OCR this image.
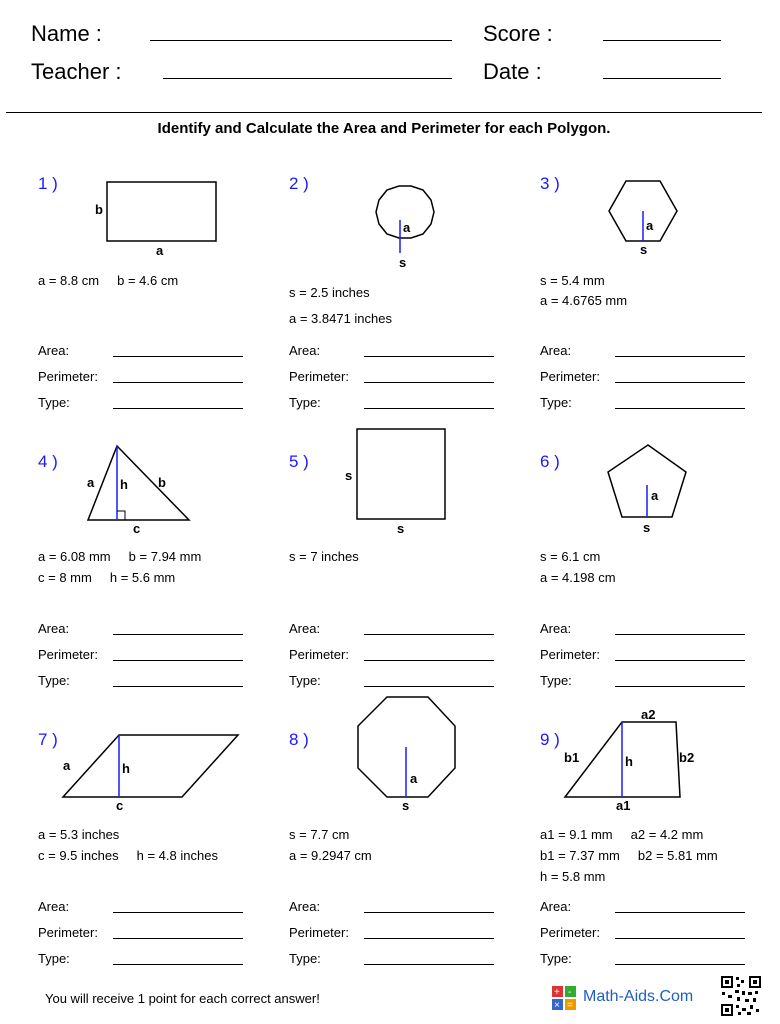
Name :	Score :
Teacher :	Date :
Identify and Calculate the Area and Perimeter for each Polygon.
1 )
b
a
a = 8.8 cm     b = 4.6 cm
Area:
Perimeter:
Type:
2 )
a
s
s = 2.5 inches
a = 3.8471 inches
Area:
Perimeter:
Type:
3 )
a
s
s = 5.4 mm
a = 4.6765 mm
Area:
Perimeter:
Type:
4 )
a h b
c
a = 6.08 mm     b = 7.94 mm
c = 8 mm     h = 5.6 mm
Area:
Perimeter:
Type:
5 )
s
s
s = 7 inches
Area:
Perimeter:
Type:
6 )
a
s
s = 6.1 cm
a = 4.198 cm
Area:
Perimeter:
Type:
7 )
a	h
c
a = 5.3 inches
c = 9.5 inches     h = 4.8 inches
Area:
Perimeter:
Type:
8 )
a
s
s = 7.7 cm
a = 9.2947 cm
Area:
Perimeter:
Type:
9 )
a2
b1	h	b2
a1
a1 = 9.1 mm     a2 = 4.2 mm
b1 = 7.37 mm     b2 = 5.81 mm
h = 5.8 mm
Area:
Perimeter:
Type:
You will receive 1 point for each correct answer!	+ -
× =
Math-Aids.Com
